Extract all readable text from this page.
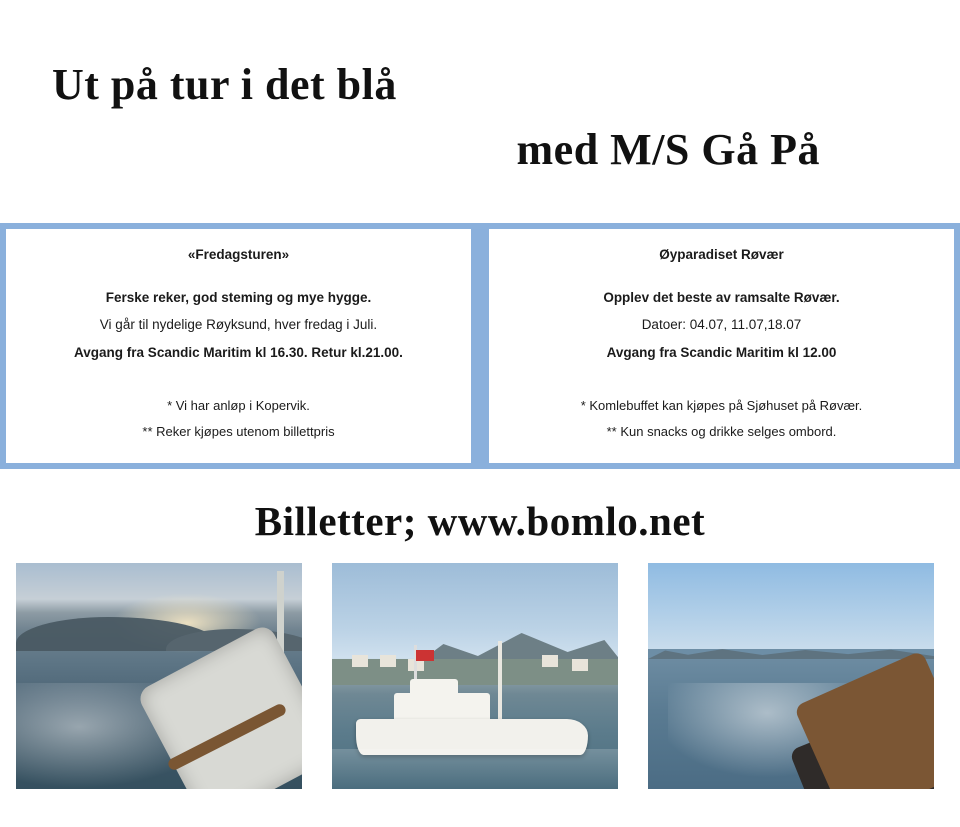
Ut på tur i det blå
med M/S Gå På
«Fredagsturen»

Ferske reker, god steming og mye hygge.

Vi går til nydelige Røyksund, hver fredag i Juli.

Avgang fra Scandic Maritim kl 16.30. Retur kl.21.00.

* Vi har anløp i Kopervik.

** Reker kjøpes utenom billettpris

Øyparadiset Røvær

Opplev det beste av ramsalte Røvær.

Datoer: 04.07, 11.07,18.07

Avgang fra Scandic Maritim kl 12.00

* Komlebuffet kan kjøpes på Sjøhuset på Røvær.

** Kun snacks og drikke selges ombord.

Billetter; www.bomlo.net
